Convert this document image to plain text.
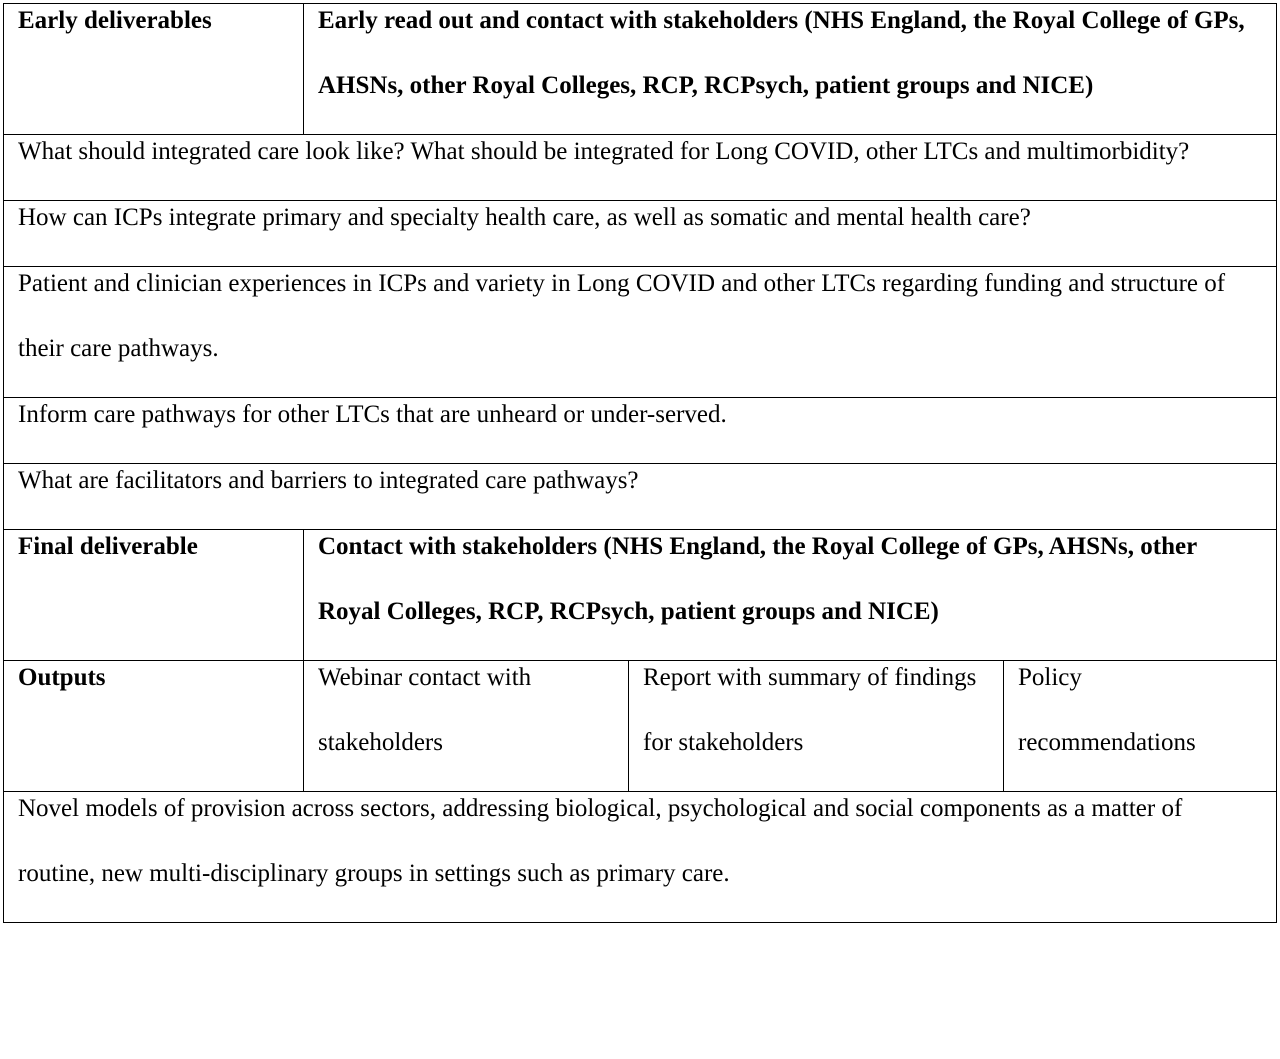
Early deliverables	Early read out and contact with stakeholders (NHS England, the Royal College of GPs, AHSNs, other Royal Colleges, RCP, RCPsych, patient groups and NICE)		

What should integrated care look like? What should be integrated for Long COVID, other LTCs and multimorbidity?			

How can ICPs integrate primary and specialty health care, as well as somatic and mental health care?			

Patient and clinician experiences in ICPs and variety in Long COVID and other LTCs regarding funding and structure of their care pathways.			

Inform care pathways for other LTCs that are unheard or under-served.			

What are facilitators and barriers to integrated care pathways?			

Final deliverable	Contact with stakeholders (NHS England, the Royal College of GPs, AHSNs, other Royal Colleges, RCP, RCPsych, patient groups and NICE)		

Outputs	Webinar contact with stakeholders	Report with summary of findings for stakeholders	Policy recommendations

Novel models of provision across sectors, addressing biological, psychological and social components as a matter of routine, new multi-disciplinary groups in settings such as primary care.			
